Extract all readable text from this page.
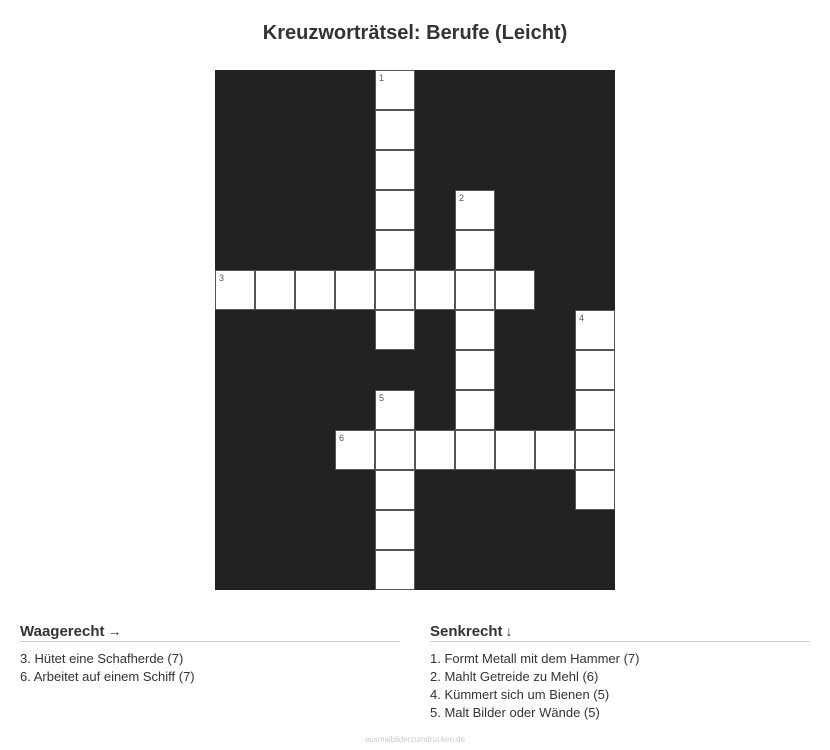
Kreuzworträtsel: Berufe (Leicht)
1
2
3
4
5
6
Waagerecht →
3. Hütet eine Schafherde (7)
6. Arbeitet auf einem Schiff (7)
Senkrecht ↓
1. Formt Metall mit dem Hammer (7)
2. Mahlt Getreide zu Mehl (6)
4. Kümmert sich um Bienen (5)
5. Malt Bilder oder Wände (5)
ausmalbilderzumdrucken.de
